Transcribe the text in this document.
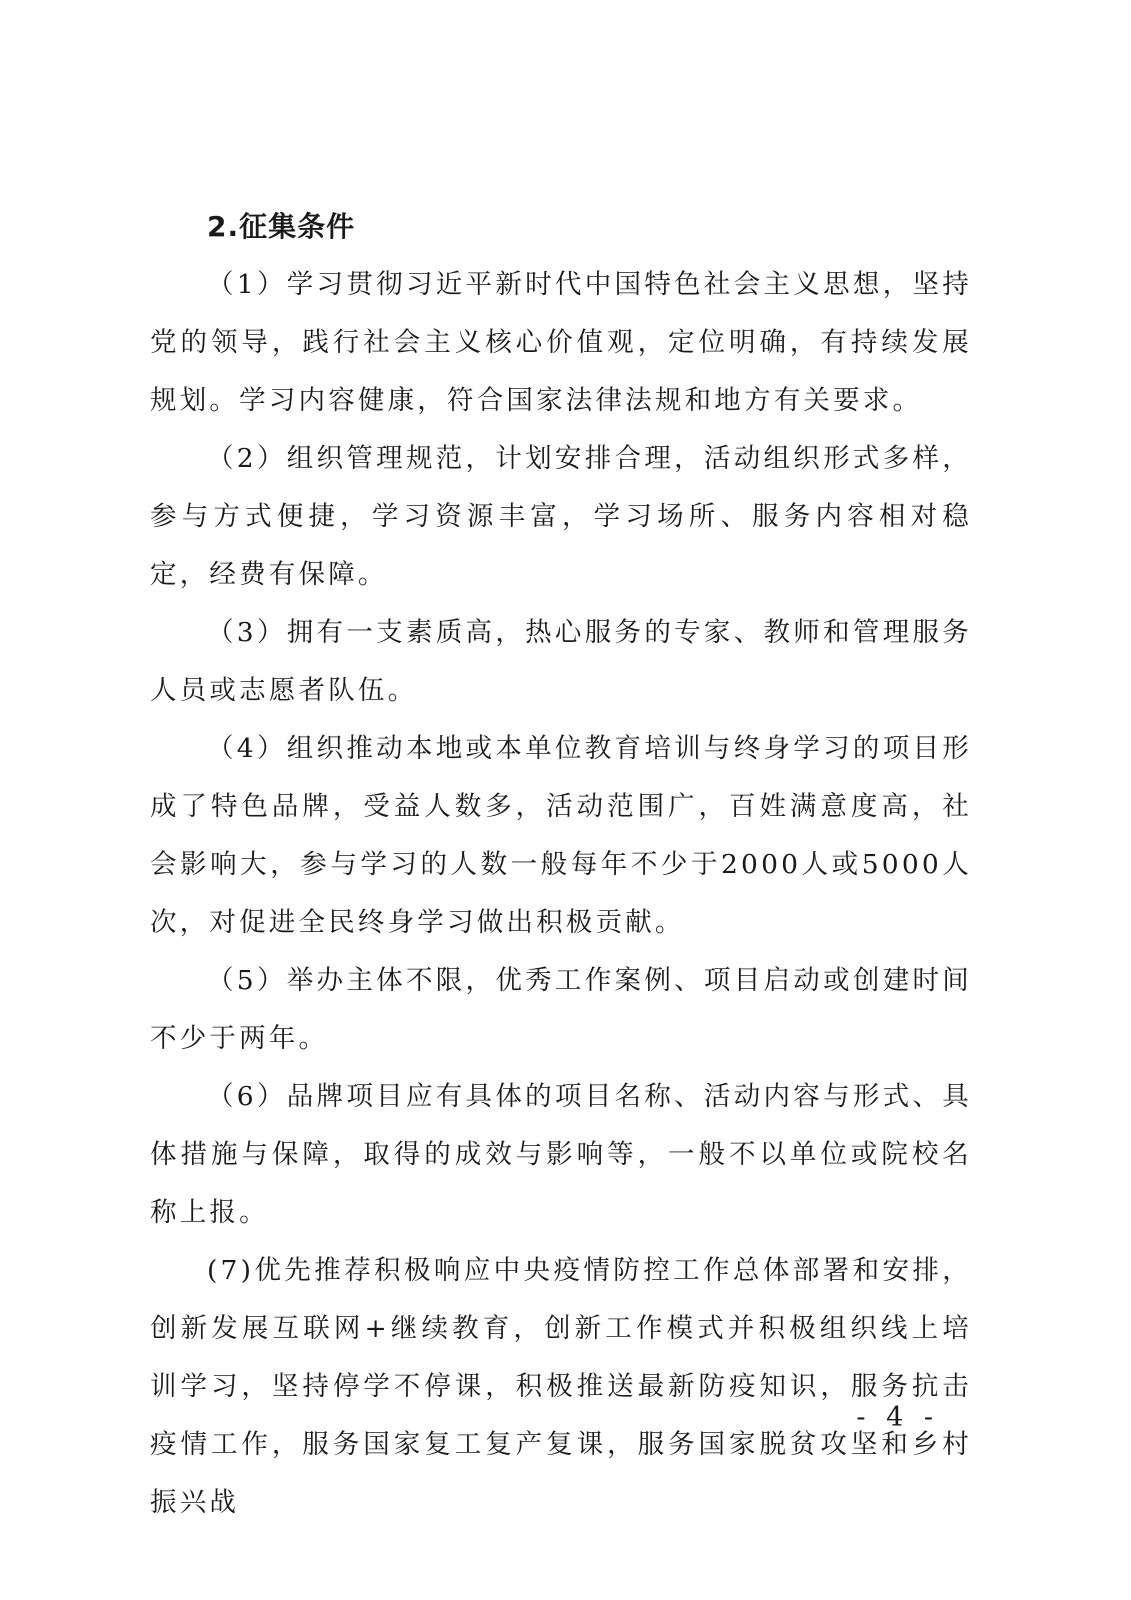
2.征集条件

（1）学习贯彻习近平新时代中国特色社会主义思想，坚持党的领导，践行社会主义核心价值观，定位明确，有持续发展规划。学习内容健康，符合国家法律法规和地方有关要求。

（2）组织管理规范，计划安排合理，活动组织形式多样，参与方式便捷，学习资源丰富，学习场所、服务内容相对稳定，经费有保障。

（3）拥有一支素质高，热心服务的专家、教师和管理服务人员或志愿者队伍。

（4）组织推动本地或本单位教育培训与终身学习的项目形成了特色品牌，受益人数多，活动范围广，百姓满意度高，社会影响大，参与学习的人数一般每年不少于2000人或5000人次，对促进全民终身学习做出积极贡献。

（5）举办主体不限，优秀工作案例、项目启动或创建时间不少于两年。

（6）品牌项目应有具体的项目名称、活动内容与形式、具体措施与保障，取得的成效与影响等，一般不以单位或院校名称上报。

(7)优先推荐积极响应中央疫情防控工作总体部署和安排，创新发展互联网+继续教育，创新工作模式并积极组织线上培训学习，坚持停学不停课，积极推送最新防疫知识，服务抗击疫情工作，服务国家复工复产复课，服务国家脱贫攻坚和乡村振兴战

- 4 -
